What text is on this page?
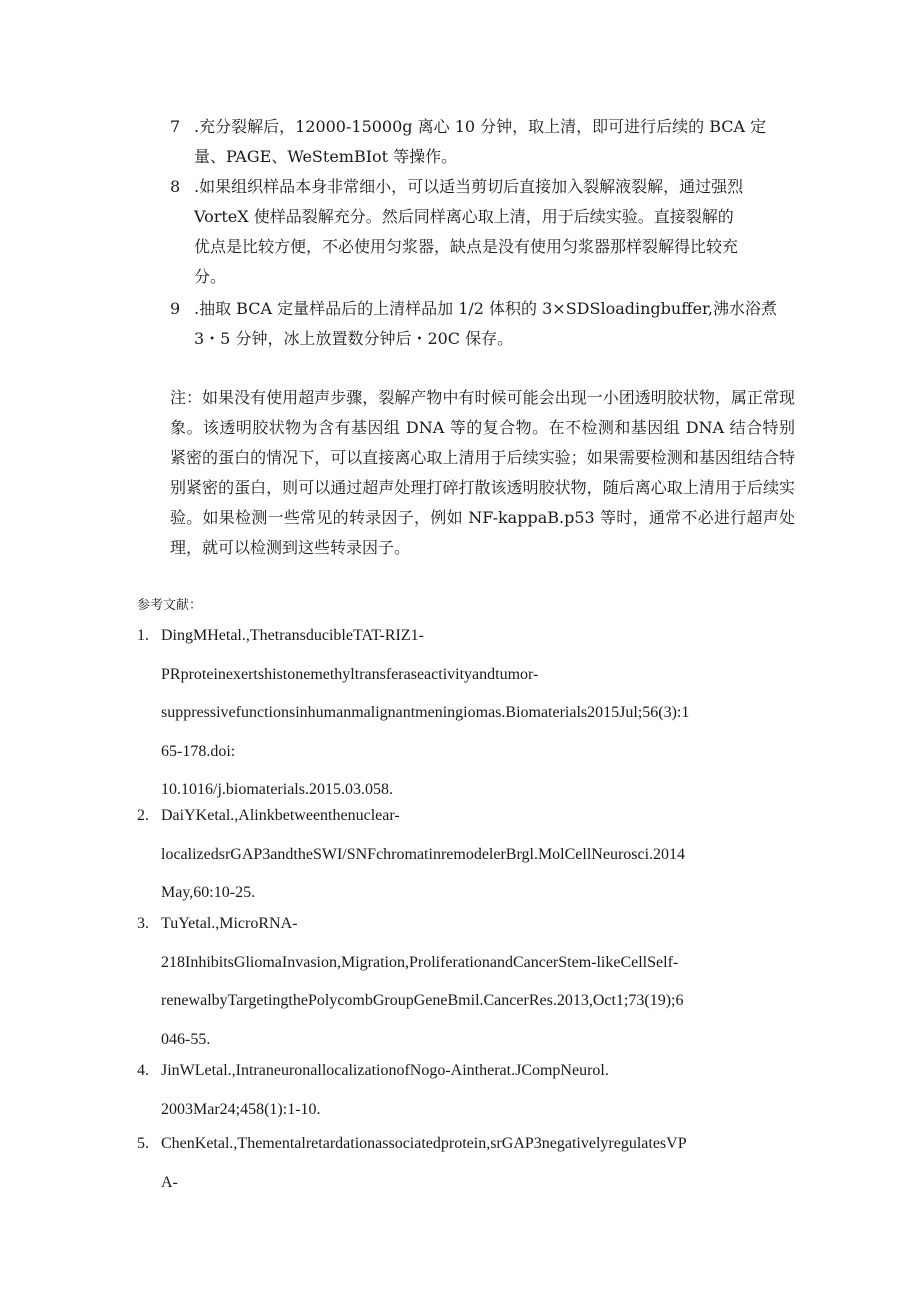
7 .充分裂解后，12000-15000g 离心 10 分钟，取上清，即可进行后续的 BCA 定
量、PAGE、WeStemBIot 等操作。
8 .如果组织样品本身非常细小，可以适当剪切后直接加入裂解液裂解，通过强烈
VorteX 使样品裂解充分。然后同样离心取上清，用于后续实验。直接裂解的
优点是比较方便，不必使用匀浆器，缺点是没有使用匀浆器那样裂解得比较充
分。
9 .抽取 BCA 定量样品后的上清样品加 1/2 体积的 3×SDSloadingbuffer,沸水浴煮
3・5 分钟，冰上放置数分钟后・20C 保存。
注：如果没有使用超声步骤，裂解产物中有时候可能会出现一小团透明胶状物，属正常现象。该透明胶状物为含有基因组 DNA 等的复合物。在不检测和基因组 DNA 结合特别紧密的蛋白的情况下，可以直接离心取上清用于后续实验；如果需要检测和基因组结合特别紧密的蛋白，则可以通过超声处理打碎打散该透明胶状物，随后离心取上清用于后续实验。如果检测一些常见的转录因子，例如 NF-kappaB.p53 等时，通常不必进行超声处理，就可以检测到这些转录因子。
参考文献：
1. DingMHetal.,ThetransducibleTAT-RIZ1-
PRproteinexertshistonemethyltransferaseactivityandtumor-
suppressivefunctionsinhumanmalignantmeningiomas.Biomaterials2015Jul;56(3):1
65-178.doi:
10.1016/j.biomaterials.2015.03.058.
2. DaiYKetal.,Alinkbetweenthenuclear-
localizedsrGAP3andtheSWI/SNFchromatinremodelerBrgl.MolCellNeurosci.2014
May,60:10-25.
3. TuYetal.,MicroRNA-
218InhibitsGliomaInvasion,Migration,ProliferationandCancerStem-likeCellSelf-
renewalbyTargetingthePolycombGroupGeneBmil.CancerRes.2013,Oct1;73(19);6
046-55.
4. JinWLetal.,IntraneuronallocalizationofNogo-Aintherat.JCompNeurol.
2003Mar24;458(1):1-10.
5. ChenKetal.,Thementalretardationassociatedprotein,srGAP3negativelyregulatesVP
A-
